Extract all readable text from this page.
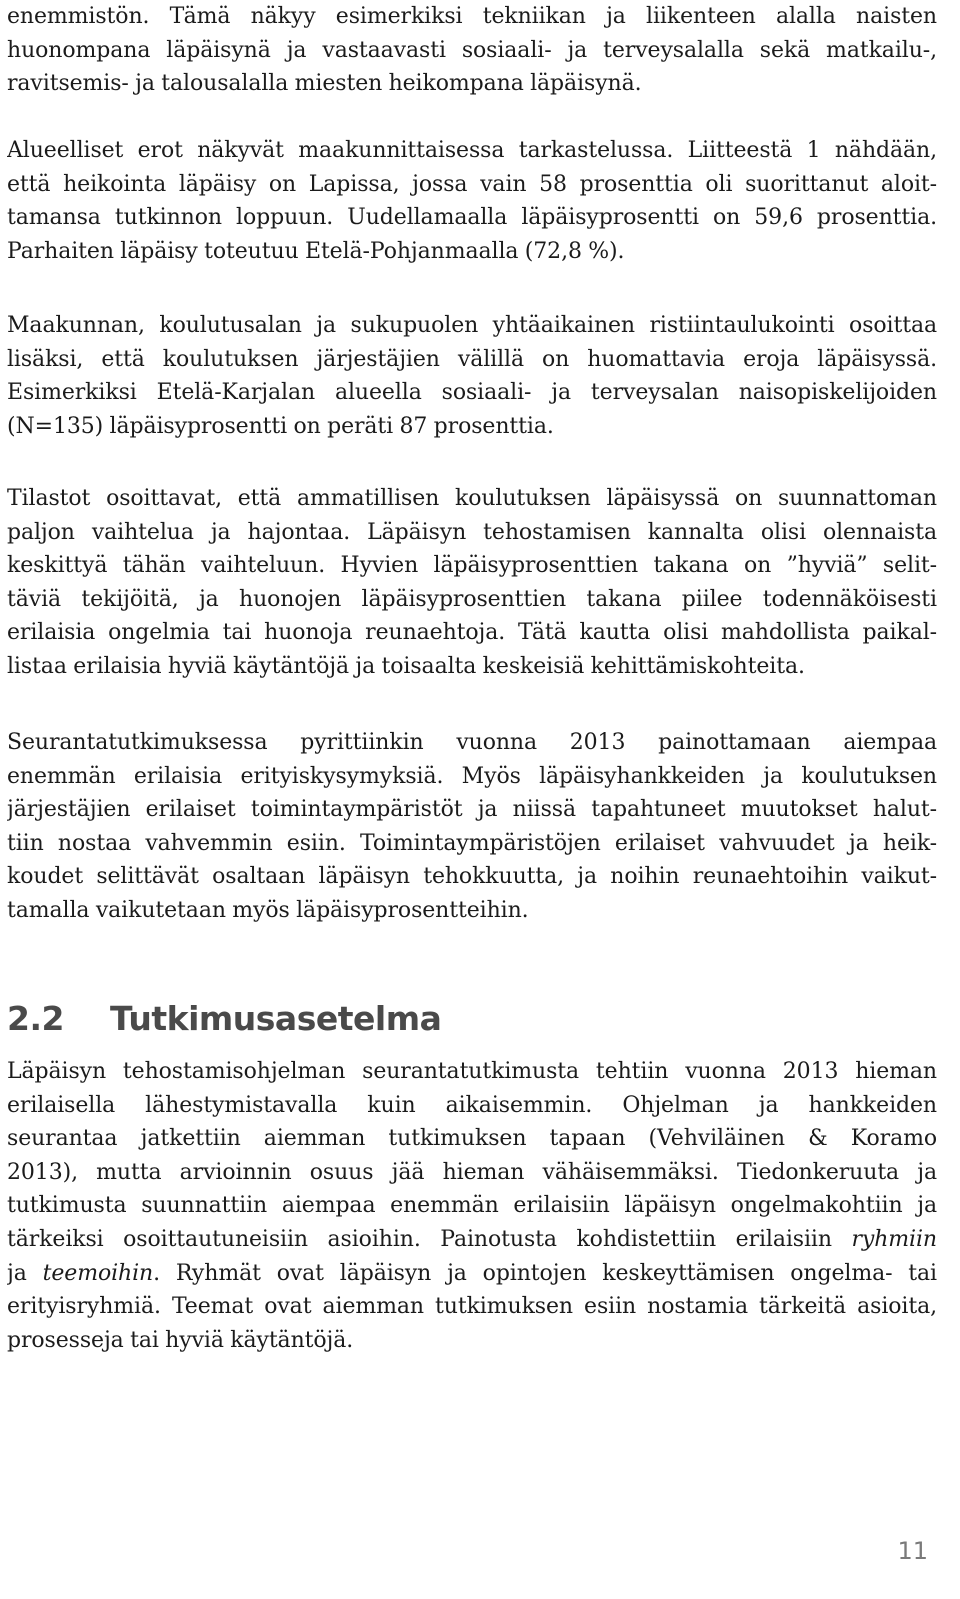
enemmistön. Tämä näkyy esimerkiksi tekniikan ja liikenteen alalla naisten
huonompana läpäisynä ja vastaavasti sosiaali- ja terveysalalla sekä matkailu-,
ravitsemis- ja talousalalla miesten heikompana läpäisynä.
Alueelliset erot näkyvät maakunnittaisessa tarkastelussa. Liitteestä 1 nähdään,
että heikointa läpäisy on Lapissa, jossa vain 58 prosenttia oli suorittanut aloit-
tamansa tutkinnon loppuun. Uudellamaalla läpäisyprosentti on 59,6 prosenttia.
Parhaiten läpäisy toteutuu Etelä-Pohjanmaalla (72,8 %).
Maakunnan, koulutusalan ja sukupuolen yhtäaikainen ristiintaulukointi osoittaa
lisäksi, että koulutuksen järjestäjien välillä on huomattavia eroja läpäisyssä.
Esimerkiksi Etelä-Karjalan alueella sosiaali- ja terveysalan naisopiskelijoiden
(N=135) läpäisyprosentti on peräti 87 prosenttia.
Tilastot osoittavat, että ammatillisen koulutuksen läpäisyssä on suunnattoman
paljon vaihtelua ja hajontaa. Läpäisyn tehostamisen kannalta olisi olennaista
keskittyä tähän vaihteluun. Hyvien läpäisyprosenttien takana on ”hyviä” selit-
täviä tekijöitä, ja huonojen läpäisyprosenttien takana piilee todennäköisesti
erilaisia ongelmia tai huonoja reunaehtoja. Tätä kautta olisi mahdollista paikal-
listaa erilaisia hyviä käytäntöjä ja toisaalta keskeisiä kehittämiskohteita.
Seurantatutkimuksessa pyrittiinkin vuonna 2013 painottamaan aiempaa
enemmän erilaisia erityiskysymyksiä. Myös läpäisyhankkeiden ja koulutuksen
järjestäjien erilaiset toimintaympäristöt ja niissä tapahtuneet muutokset halut-
tiin nostaa vahvemmin esiin. Toimintaympäristöjen erilaiset vahvuudet ja heik-
koudet selittävät osaltaan läpäisyn tehokkuutta, ja noihin reunaehtoihin vaikut-
tamalla vaikutetaan myös läpäisyprosentteihin.
2.2 Tutkimusasetelma
Läpäisyn tehostamisohjelman seurantatutkimusta tehtiin vuonna 2013 hieman
erilaisella lähestymistavalla kuin aikaisemmin. Ohjelman ja hankkeiden
seurantaa jatkettiin aiemman tutkimuksen tapaan (Vehviläinen & Koramo
2013), mutta arvioinnin osuus jää hieman vähäisemmäksi. Tiedonkeruuta ja
tutkimusta suunnattiin aiempaa enemmän erilaisiin läpäisyn ongelmakohtiin ja
tärkeiksi osoittautuneisiin asioihin. Painotusta kohdistettiin erilaisiin ryhmiin
ja teemoihin. Ryhmät ovat läpäisyn ja opintojen keskeyttämisen ongelma- tai
erityisryhmiä. Teemat ovat aiemman tutkimuksen esiin nostamia tärkeitä asioita,
prosesseja tai hyviä käytäntöjä.
11
